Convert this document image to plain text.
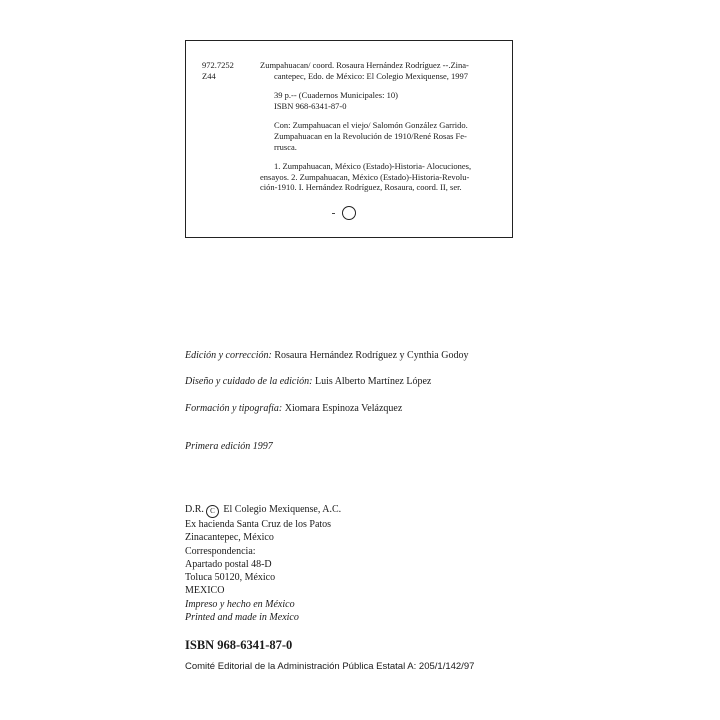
972.7252
Z44
Zumpahuacan/ coord. Rosaura Hernández Rodríguez --.Zina-
cantepec, Edo. de México: El Colegio Mexiquense, 1997
39 p.-- (Cuadernos Municipales: 10)
ISBN 968-6341-87-0
Con: Zumpahuacan el viejo/ Salomón González Garrido.
Zumpahuacan en la Revolución de 1910/René Rosas Fe-
rrusca.
1. Zumpahuacan, México (Estado)-Historia- Alocuciones,
ensayos. 2. Zumpahuacan, México (Estado)-Historia-Revolu-
ción-1910. I. Hernández Rodríguez, Rosaura, coord. II, ser.
Edición y corrección: Rosaura Hernández Rodríguez y Cynthia Godoy
Diseño y cuidado de la edición: Luis Alberto Martínez López
Formación y tipografía: Xiomara Espinoza Velázquez
Primera edición 1997
D.R. C El Colegio Mexiquense, A.C.
Ex hacienda Santa Cruz de los Patos
Zinacantepec, México
Correspondencia:
Apartado postal 48-D
Toluca 50120, México
MEXICO
Impreso y hecho en México
Printed and made in Mexico
ISBN 968-6341-87-0
Comité Editorial de la Administración Pública Estatal A: 205/1/142/97
